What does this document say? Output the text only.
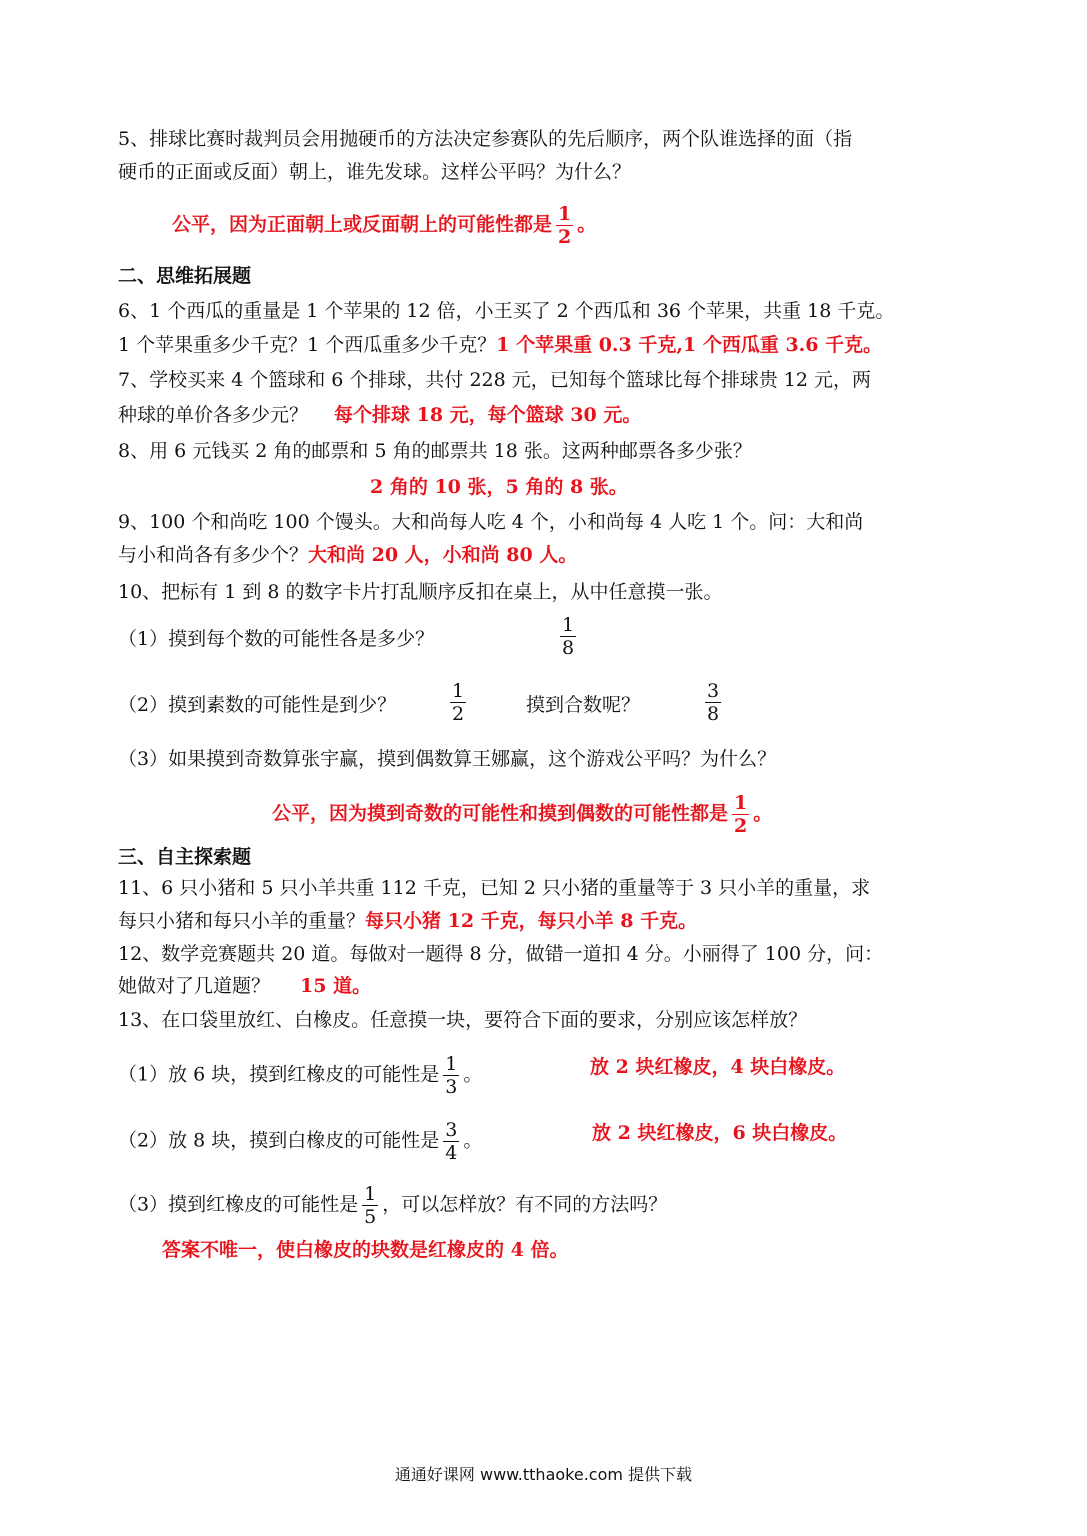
5、排球比赛时裁判员会用抛硬币的方法决定参赛队的先后顺序，两个队谁选择的面（指
硬币的正面或反面）朝上，谁先发球。这样公平吗？为什么？
公平，因为正面朝上或反面朝上的可能性都是 $\frac{1}{2}$ 。
二、思维拓展题
6、1 个西瓜的重量是 1 个苹果的 12 倍，小王买了 2 个西瓜和 36 个苹果，共重 18 千克。
1 个苹果重多少千克？1 个西瓜重多少千克？1 个苹果重 0.3 千克,1 个西瓜重 3.6 千克。
7、学校买来 4 个篮球和 6 个排球，共付 228 元，已知每个篮球比每个排球贵 12 元，两
种球的单价各多少元？ 每个排球 18 元，每个篮球 30 元。
8、用 6 元钱买 2 角的邮票和 5 角的邮票共 18 张。这两种邮票各多少张？
2 角的 10 张，5 角的 8 张。
9、100 个和尚吃 100 个馒头。大和尚每人吃 4 个，小和尚每 4 人吃 1 个。问：大和尚
与小和尚各有多少个？大和尚 20 人，小和尚 80 人。
10、把标有 1 到 8 的数字卡片打乱顺序反扣在桌上，从中任意摸一张。
（1）摸到每个数的可能性各是多少？
1
8
（2）摸到素数的可能性是到少？
1
2	摸到合数呢？
3
8
（3）如果摸到奇数算张宇赢，摸到偶数算王娜赢，这个游戏公平吗？为什么？
公平，因为摸到奇数的可能性和摸到偶数的可能性都是 $\frac{1}{2}$ 。
三、自主探索题
11、6 只小猪和 5 只小羊共重 112 千克，已知 2 只小猪的重量等于 3 只小羊的重量，求
每只小猪和每只小羊的重量？每只小猪 12 千克，每只小羊 8 千克。
12、数学竞赛题共 20 道。每做对一题得 8 分，做错一道扣 4 分。小丽得了 100 分，问：
她做对了几道题？ 15 道。
13、在口袋里放红、白橡皮。任意摸一块，要符合下面的要求，分别应该怎样放？
（1）放 6 块，摸到红橡皮的可能性是 $\frac{1}{3}$ 。	放 2 块红橡皮，4 块白橡皮。
（2）放 8 块，摸到白橡皮的可能性是 $\frac{3}{4}$ 。	放 2 块红橡皮，6 块白橡皮。
（3）摸到红橡皮的可能性是 $\frac{1}{5}$ ，可以怎样放？有不同的方法吗？
答案不唯一，使白橡皮的块数是红橡皮的 4 倍。
通通好课网 www.tthaoke.com 提供下载
